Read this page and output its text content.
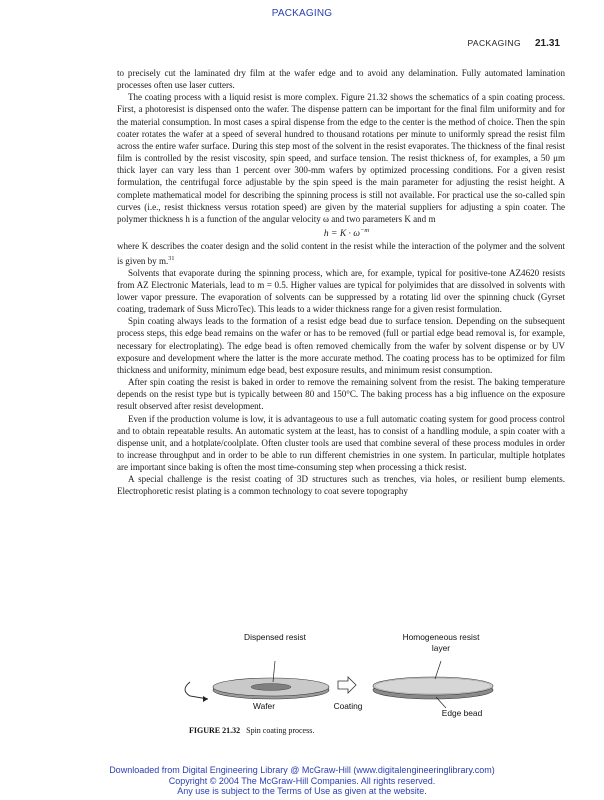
PACKAGING
PACKAGING 21.31

to precisely cut the laminated dry film at the wafer edge and to avoid any delamination. Fully automated lamination processes often use laser cutters.

The coating process with a liquid resist is more complex. Figure 21.32 shows the schematics of a spin coating process. First, a photoresist is dispensed onto the wafer. The dispense pattern can be important for the final film uniformity and for the material consumption. In most cases a spiral dispense from the edge to the center is the method of choice. Then the spin coater rotates the wafer at a speed of several hundred to thousand rotations per minute to uniformly spread the resist film across the entire wafer surface. During this step most of the solvent in the resist evaporates. The thickness of the final resist film is controlled by the resist viscosity, spin speed, and surface tension. The resist thickness of, for examples, a 50 μm thick layer can vary less than 1 percent over 300-mm wafers by optimized processing conditions. For a given resist formulation, the centrifugal force adjustable by the spin speed is the main parameter for adjusting the resist height. A complete mathematical model for describing the spinning process is still not available. For practical use the so-called spin curves (i.e., resist thickness versus rotation speed) are given by the material suppliers for adjusting a spin coater. The polymer thickness h is a function of the angular velocity ω and two parameters K and m

$h = K \cdot \omega^{-m}$

where K describes the coater design and the solid content in the resist while the interaction of the polymer and the solvent is given by m.$^{31}$

Solvents that evaporate during the spinning process, which are, for example, typical for positive-tone AZ4620 resists from AZ Electronic Materials, lead to m = 0.5. Higher values are typical for polyimides that are dissolved in solvents with lower vapor pressure. The evaporation of solvents can be suppressed by a rotating lid over the spinning chuck (Gyrset coating, trademark of Suss MicroTec). This leads to a wider thickness range for a given resist formulation.

Spin coating always leads to the formation of a resist edge bead due to surface tension. Depending on the subsequent process steps, this edge bead remains on the wafer or has to be removed (full or partial edge bead removal is, for example, necessary for electroplating). The edge bead is often removed chemically from the wafer by solvent dispense or by UV exposure and development where the latter is the more accurate method. The coating process has to be optimized for film thickness and uniformity, minimum edge bead, best exposure results, and minimum resist consumption.

After spin coating the resist is baked in order to remove the remaining solvent from the resist. The baking temperature depends on the resist type but is typically between 80 and 150°C. The baking process has a big influence on the exposure result observed after resist development.

Even if the production volume is low, it is advantageous to use a full automatic coating system for good process control and to obtain repeatable results. An automatic system at the least, has to consist of a handling module, a spin coater with a dispense unit, and a hotplate/coolplate. Often cluster tools are used that combine several of these process modules in order to increase throughput and in order to be able to run different chemistries in one system. In particular, multiple hotplates are important since baking is often the most time-consuming step when processing a thick resist.

A special challenge is the resist coating of 3D structures such as trenches, via holes, or resilient bump elements. Electrophoretic resist plating is a common technology to coat severe topography

Dispensed resist	Homogeneous resist layer
Wafer	Coating
Edge bead
FIGURE 21.32 Spin coating process.
Downloaded from Digital Engineering Library @ McGraw-Hill (www.digitalengineeringlibrary.com)
Copyright © 2004 The McGraw-Hill Companies. All rights reserved.
Any use is subject to the Terms of Use as given at the website.
